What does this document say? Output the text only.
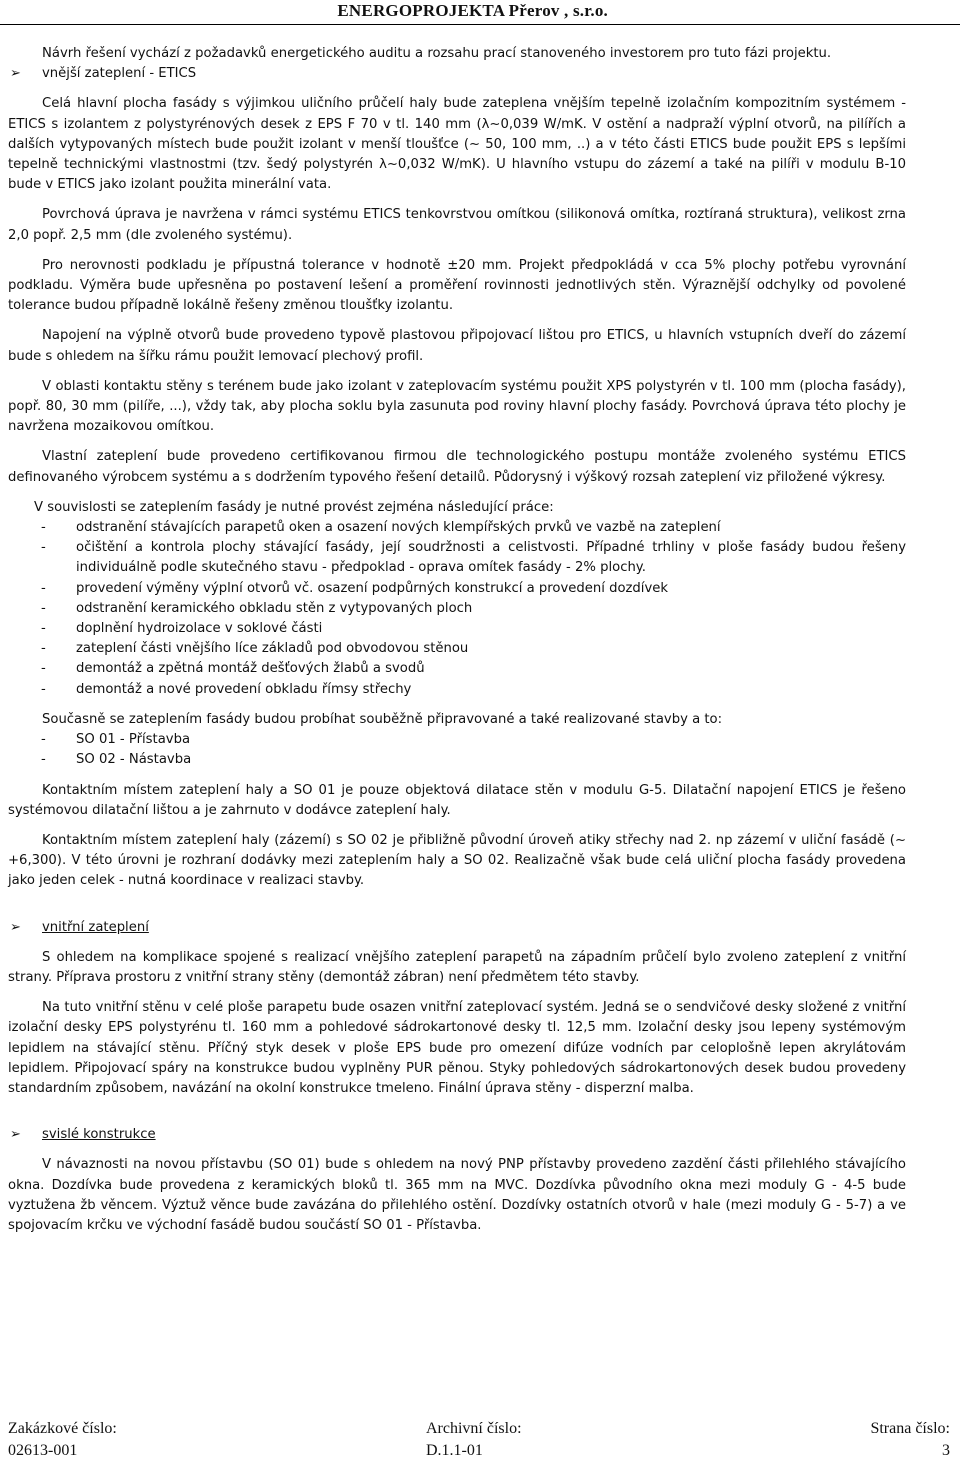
ENERGOPROJEKTA Přerov , s.r.o.

Návrh řešení vychází z požadavků energetického auditu a rozsahu prací stanoveného investorem pro tuto fázi projektu.

➢ vnější zateplení - ETICS

Celá hlavní plocha fasády s výjimkou uličního průčelí haly bude zateplena vnějším tepelně izolačním kompozitním systémem - ETICS s izolantem z polystyrénových desek z EPS F 70 v tl. 140 mm (λ~0,039 W/mK. V ostění a nadpraží výplní otvorů, na pilířích a dalších vytypovaných místech bude použit izolant v menší tloušťce (~ 50, 100 mm, ..) a v této části ETICS bude použit EPS s lepšími tepelně technickými vlastnostmi (tzv. šedý polystyrén λ~0,032 W/mK). U hlavního vstupu do zázemí a také na pilíři v modulu B-10 bude v ETICS jako izolant použita minerální vata.

Povrchová úprava je navržena v rámci systému ETICS tenkovrstvou omítkou (silikonová omítka, roztíraná struktura), velikost zrna 2,0 popř. 2,5 mm (dle zvoleného systému).

Pro nerovnosti podkladu je přípustná tolerance v hodnotě ±20 mm. Projekt předpokládá v cca 5% plochy potřebu vyrovnání podkladu. Výměra bude upřesněna po postavení lešení a proměření rovinnosti jednotlivých stěn. Výraznější odchylky od povolené tolerance budou případně lokálně řešeny změnou tloušťky izolantu.

Napojení na výplně otvorů bude provedeno typově plastovou připojovací lištou pro ETICS, u hlavních vstupních dveří do zázemí bude s ohledem na šířku rámu použit lemovací plechový profil.

V oblasti kontaktu stěny s terénem bude jako izolant v zateplovacím systému použit XPS polystyrén v tl. 100 mm (plocha fasády), popř. 80, 30 mm (pilíře, ...), vždy tak, aby plocha soklu byla zasunuta pod roviny hlavní plochy fasády. Povrchová úprava této plochy je navržena mozaikovou omítkou.

Vlastní zateplení bude provedeno certifikovanou firmou dle technologického postupu montáže zvoleného systému ETICS definovaného výrobcem systému a s dodržením typového řešení detailů. Půdorysný i výškový rozsah zateplení viz přiložené výkresy.

V souvislosti se zateplením fasády je nutné provést zejména následující práce:

- odstranění stávajících parapetů oken a osazení nových klempířských prvků ve vazbě na zateplení

- očištění a kontrola plochy stávající fasády, její soudržnosti a celistvosti. Případné trhliny v ploše fasády budou řešeny individuálně podle skutečného stavu - předpoklad - oprava omítek fasády - 2% plochy.

- provedení výměny výplní otvorů vč. osazení podpůrných konstrukcí a provedení dozdívek

- odstranění keramického obkladu stěn z vytypovaných ploch

- doplnění hydroizolace v soklové části

- zateplení části vnějšího líce základů pod obvodovou stěnou

- demontáž a zpětná montáž dešťových žlabů a svodů

- demontáž a nové provedení obkladu římsy střechy

Současně se zateplením fasády budou probíhat souběžně připravované a také realizované stavby a to:

- SO 01 - Přístavba

- SO 02 - Nástavba

Kontaktním místem zateplení haly a SO 01 je pouze objektová dilatace stěn v modulu G-5. Dilatační napojení ETICS je řešeno systémovou dilatační lištou a je zahrnuto v dodávce zateplení haly.

Kontaktním místem zateplení haly (zázemí) s SO 02 je přibližně původní úroveň atiky střechy nad 2. np zázemí v uliční fasádě (~ +6,300). V této úrovni je rozhraní dodávky mezi zateplením haly a SO 02. Realizačně však bude celá uliční plocha fasády provedena jako jeden celek - nutná koordinace v realizaci stavby.

➢ vnitřní zateplení

S ohledem na komplikace spojené s realizací vnějšího zateplení parapetů na západním průčelí bylo zvoleno zateplení z vnitřní strany. Příprava prostoru z vnitřní strany stěny (demontáž zábran) není předmětem této stavby.

Na tuto vnitřní stěnu v celé ploše parapetu bude osazen vnitřní zateplovací systém. Jedná se o sendvičové desky složené z vnitřní izolační desky EPS polystyrénu tl. 160 mm a pohledové sádrokartonové desky tl. 12,5 mm. Izolační desky jsou lepeny systémovým lepidlem na stávající stěnu. Příčný styk desek v ploše EPS bude pro omezení difúze vodních par celoplošně lepen akrylátovám lepidlem. Připojovací spáry na konstrukce budou vyplněny PUR pěnou. Styky pohledových sádrokartonových desek budou provedeny standardním způsobem, navázání na okolní konstrukce tmeleno. Finální úprava stěny - disperzní malba.

➢ svislé konstrukce

V návaznosti na novou přístavbu (SO 01) bude s ohledem na nový PNP přístavby provedeno zazdění části přilehlého stávajícího okna. Dozdívka bude provedena z keramických bloků tl. 365 mm na MVC. Dozdívka původního okna mezi moduly G - 4-5 bude vyztužena žb věncem. Výztuž věnce bude zavázána do přilehlého ostění. Dozdívky ostatních otvorů v hale (mezi moduly G - 5-7) a ve spojovacím krčku ve východní fasádě budou součástí SO 01 - Přístavba.

Zakázkové číslo:
02613-001
Archivní číslo:
D.1.1-01
Strana číslo:
3
